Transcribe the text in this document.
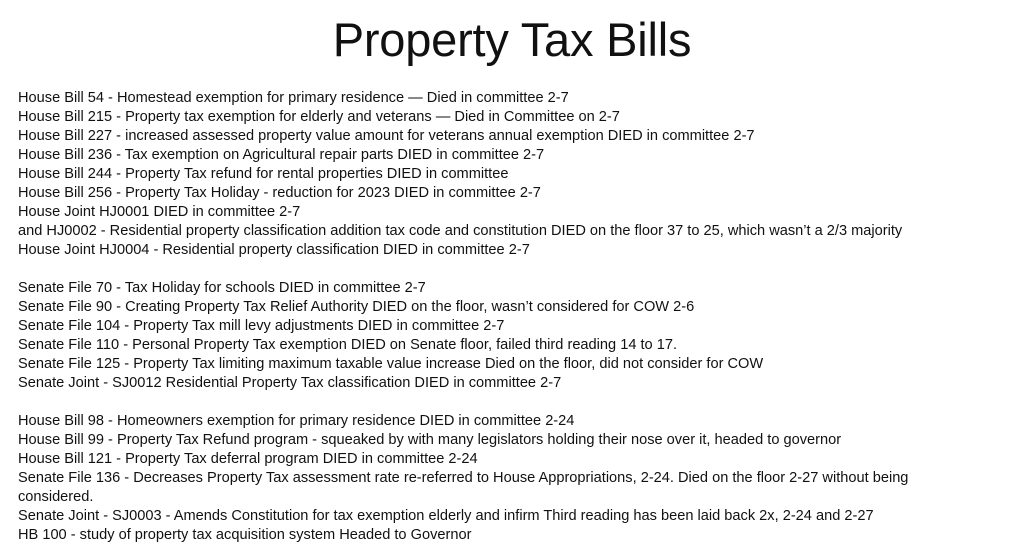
Property Tax Bills
House Bill 54 - Homestead exemption for primary residence — Died in committee 2-7
House Bill 215 - Property tax exemption for elderly and veterans — Died in Committee on 2-7
House Bill 227 - increased assessed property value amount for veterans annual exemption DIED in committee 2-7
House Bill 236 - Tax exemption on Agricultural repair parts DIED in committee 2-7
House Bill 244 - Property Tax refund for rental properties DIED in committee
House Bill 256 - Property Tax Holiday - reduction for 2023 DIED in committee 2-7
House Joint HJ0001 DIED in committee 2-7
and HJ0002 - Residential property classification addition tax code and constitution DIED on the floor 37 to 25, which wasn’t a 2/3 majority
House Joint HJ0004 - Residential property classification DIED in committee 2-7
Senate File 70 - Tax Holiday for schools DIED in committee 2-7
Senate File 90 - Creating Property Tax Relief Authority DIED on the floor, wasn’t considered for COW 2-6
Senate File 104 - Property Tax mill levy adjustments DIED in committee 2-7
Senate File 110 - Personal Property Tax exemption DIED on Senate floor, failed third reading 14 to 17.
Senate File 125 - Property Tax limiting maximum taxable value increase Died on the floor, did not consider for COW
Senate Joint - SJ0012 Residential Property Tax classification DIED in committee 2-7
House Bill 98 - Homeowners exemption for primary residence DIED in committee 2-24
House Bill 99 - Property Tax Refund program - squeaked by with many legislators holding their nose over it, headed to governor
House Bill 121 - Property Tax deferral program DIED in committee 2-24
Senate File 136 - Decreases Property Tax assessment rate re-referred to House Appropriations, 2-24. Died on the floor 2-27 without being considered.
Senate Joint - SJ0003 - Amends Constitution for tax exemption elderly and infirm Third reading has been laid back 2x, 2-24 and 2-27
HB 100 - study of property tax acquisition system Headed to Governor
